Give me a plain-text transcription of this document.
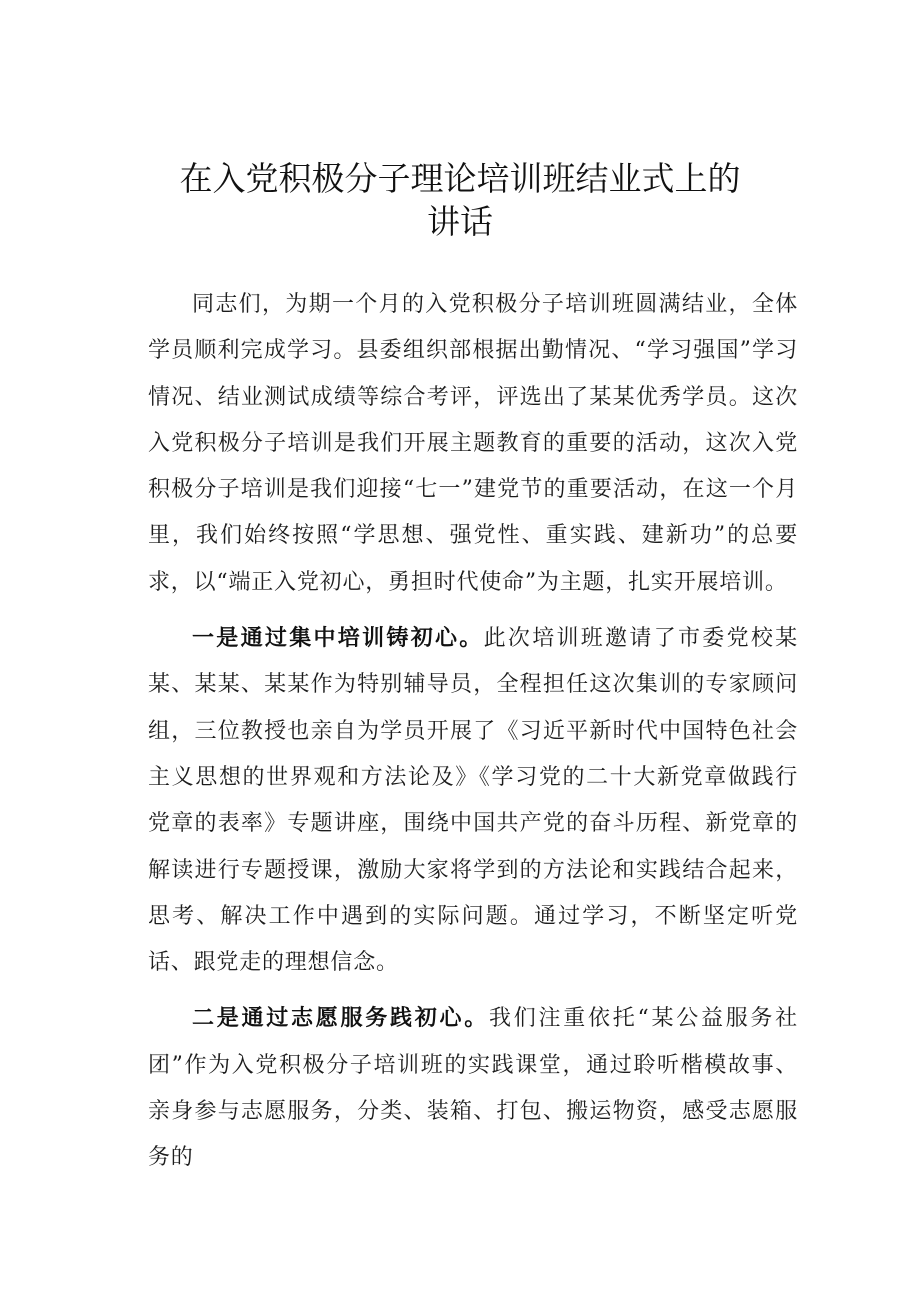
在入党积极分子理论培训班结业式上的
讲话

同志们，为期一个月的入党积极分子培训班圆满结业，全体学员顺利完成学习。县委组织部根据出勤情况、“学习强国”学习情况、结业测试成绩等综合考评，评选出了某某优秀学员。这次入党积极分子培训是我们开展主题教育的重要的活动，这次入党积极分子培训是我们迎接“七一”建党节的重要活动，在这一个月里，我们始终按照“学思想、强党性、重实践、建新功”的总要求，以“端正入党初心，勇担时代使命”为主题，扎实开展培训。

一是通过集中培训铸初心。此次培训班邀请了市委党校某某、某某、某某作为特别辅导员，全程担任这次集训的专家顾问组，三位教授也亲自为学员开展了《习近平新时代中国特色社会主义思想的世界观和方法论及》《学习党的二十大新党章做践行党章的表率》专题讲座，围绕中国共产党的奋斗历程、新党章的解读进行专题授课，激励大家将学到的方法论和实践结合起来，思考、解决工作中遇到的实际问题。通过学习，不断坚定听党话、跟党走的理想信念。

二是通过志愿服务践初心。我们注重依托“某公益服务社团”作为入党积极分子培训班的实践课堂，通过聆听楷模故事、亲身参与志愿服务，分类、装箱、打包、搬运物资，感受志愿服务的
